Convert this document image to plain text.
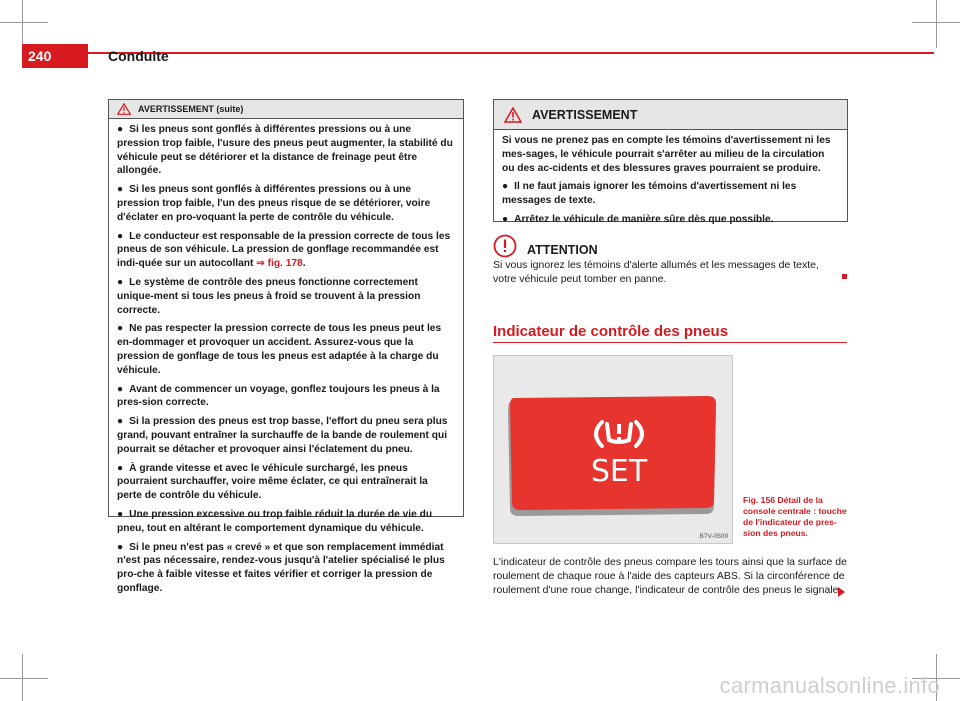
240	Conduite
AVERTISSEMENT (suite)

● Si les pneus sont gonflés à différentes pressions ou à une pression trop faible, l'usure des pneus peut augmenter, la stabilité du véhicule peut se détériorer et la distance de freinage peut être allongée.

● Si les pneus sont gonflés à différentes pressions ou à une pression trop faible, l'un des pneus risque de se détériorer, voire d'éclater en pro-voquant la perte de contrôle du véhicule.

● Le conducteur est responsable de la pression correcte de tous les pneus de son véhicule. La pression de gonflage recommandée est indi-quée sur un autocollant ⇒ fig. 178.

● Le système de contrôle des pneus fonctionne correctement unique-ment si tous les pneus à froid se trouvent à la pression correcte.

● Ne pas respecter la pression correcte de tous les pneus peut les en-dommager et provoquer un accident. Assurez-vous que la pression de gonflage de tous les pneus est adaptée à la charge du véhicule.

● Avant de commencer un voyage, gonflez toujours les pneus à la pres-sion correcte.

● Si la pression des pneus est trop basse, l'effort du pneu sera plus grand, pouvant entraîner la surchauffe de la bande de roulement qui pourrait se détacher et provoquer ainsi l'éclatement du pneu.

● À grande vitesse et avec le véhicule surchargé, les pneus pourraient surchauffer, voire même éclater, ce qui entraînerait la perte de contrôle du véhicule.

● Une pression excessive ou trop faible réduit la durée de vie du pneu, tout en altérant le comportement dynamique du véhicule.

● Si le pneu n'est pas « crevé » et que son remplacement immédiat n'est pas nécessaire, rendez-vous jusqu'à l'atelier spécialisé le plus pro-che à faible vitesse et faites vérifier et corriger la pression de gonflage.

AVERTISSEMENT

Si vous ne prenez pas en compte les témoins d'avertissement ni les mes-sages, le véhicule pourrait s'arrêter au milieu de la circulation ou des ac-cidents et des blessures graves pourraient se produire.

● Il ne faut jamais ignorer les témoins d'avertissement ni les messages de texte.

● Arrêtez le véhicule de manière sûre dès que possible.

ATTENTION
Si vous ignorez les témoins d'alerte allumés et les messages de texte, votre véhicule peut tomber en panne.
Indicateur de contrôle des pneus
SET
B7V-0509
Fig. 156 Détail de la console centrale : touche de l'indicateur de pres-sion des pneus.
L'indicateur de contrôle des pneus compare les tours ainsi que la surface de roulement de chaque roue à l'aide des capteurs ABS. Si la circonférence de roulement d'une roue change, l'indicateur de contrôle des pneus le signale
carmanualsonline.info
